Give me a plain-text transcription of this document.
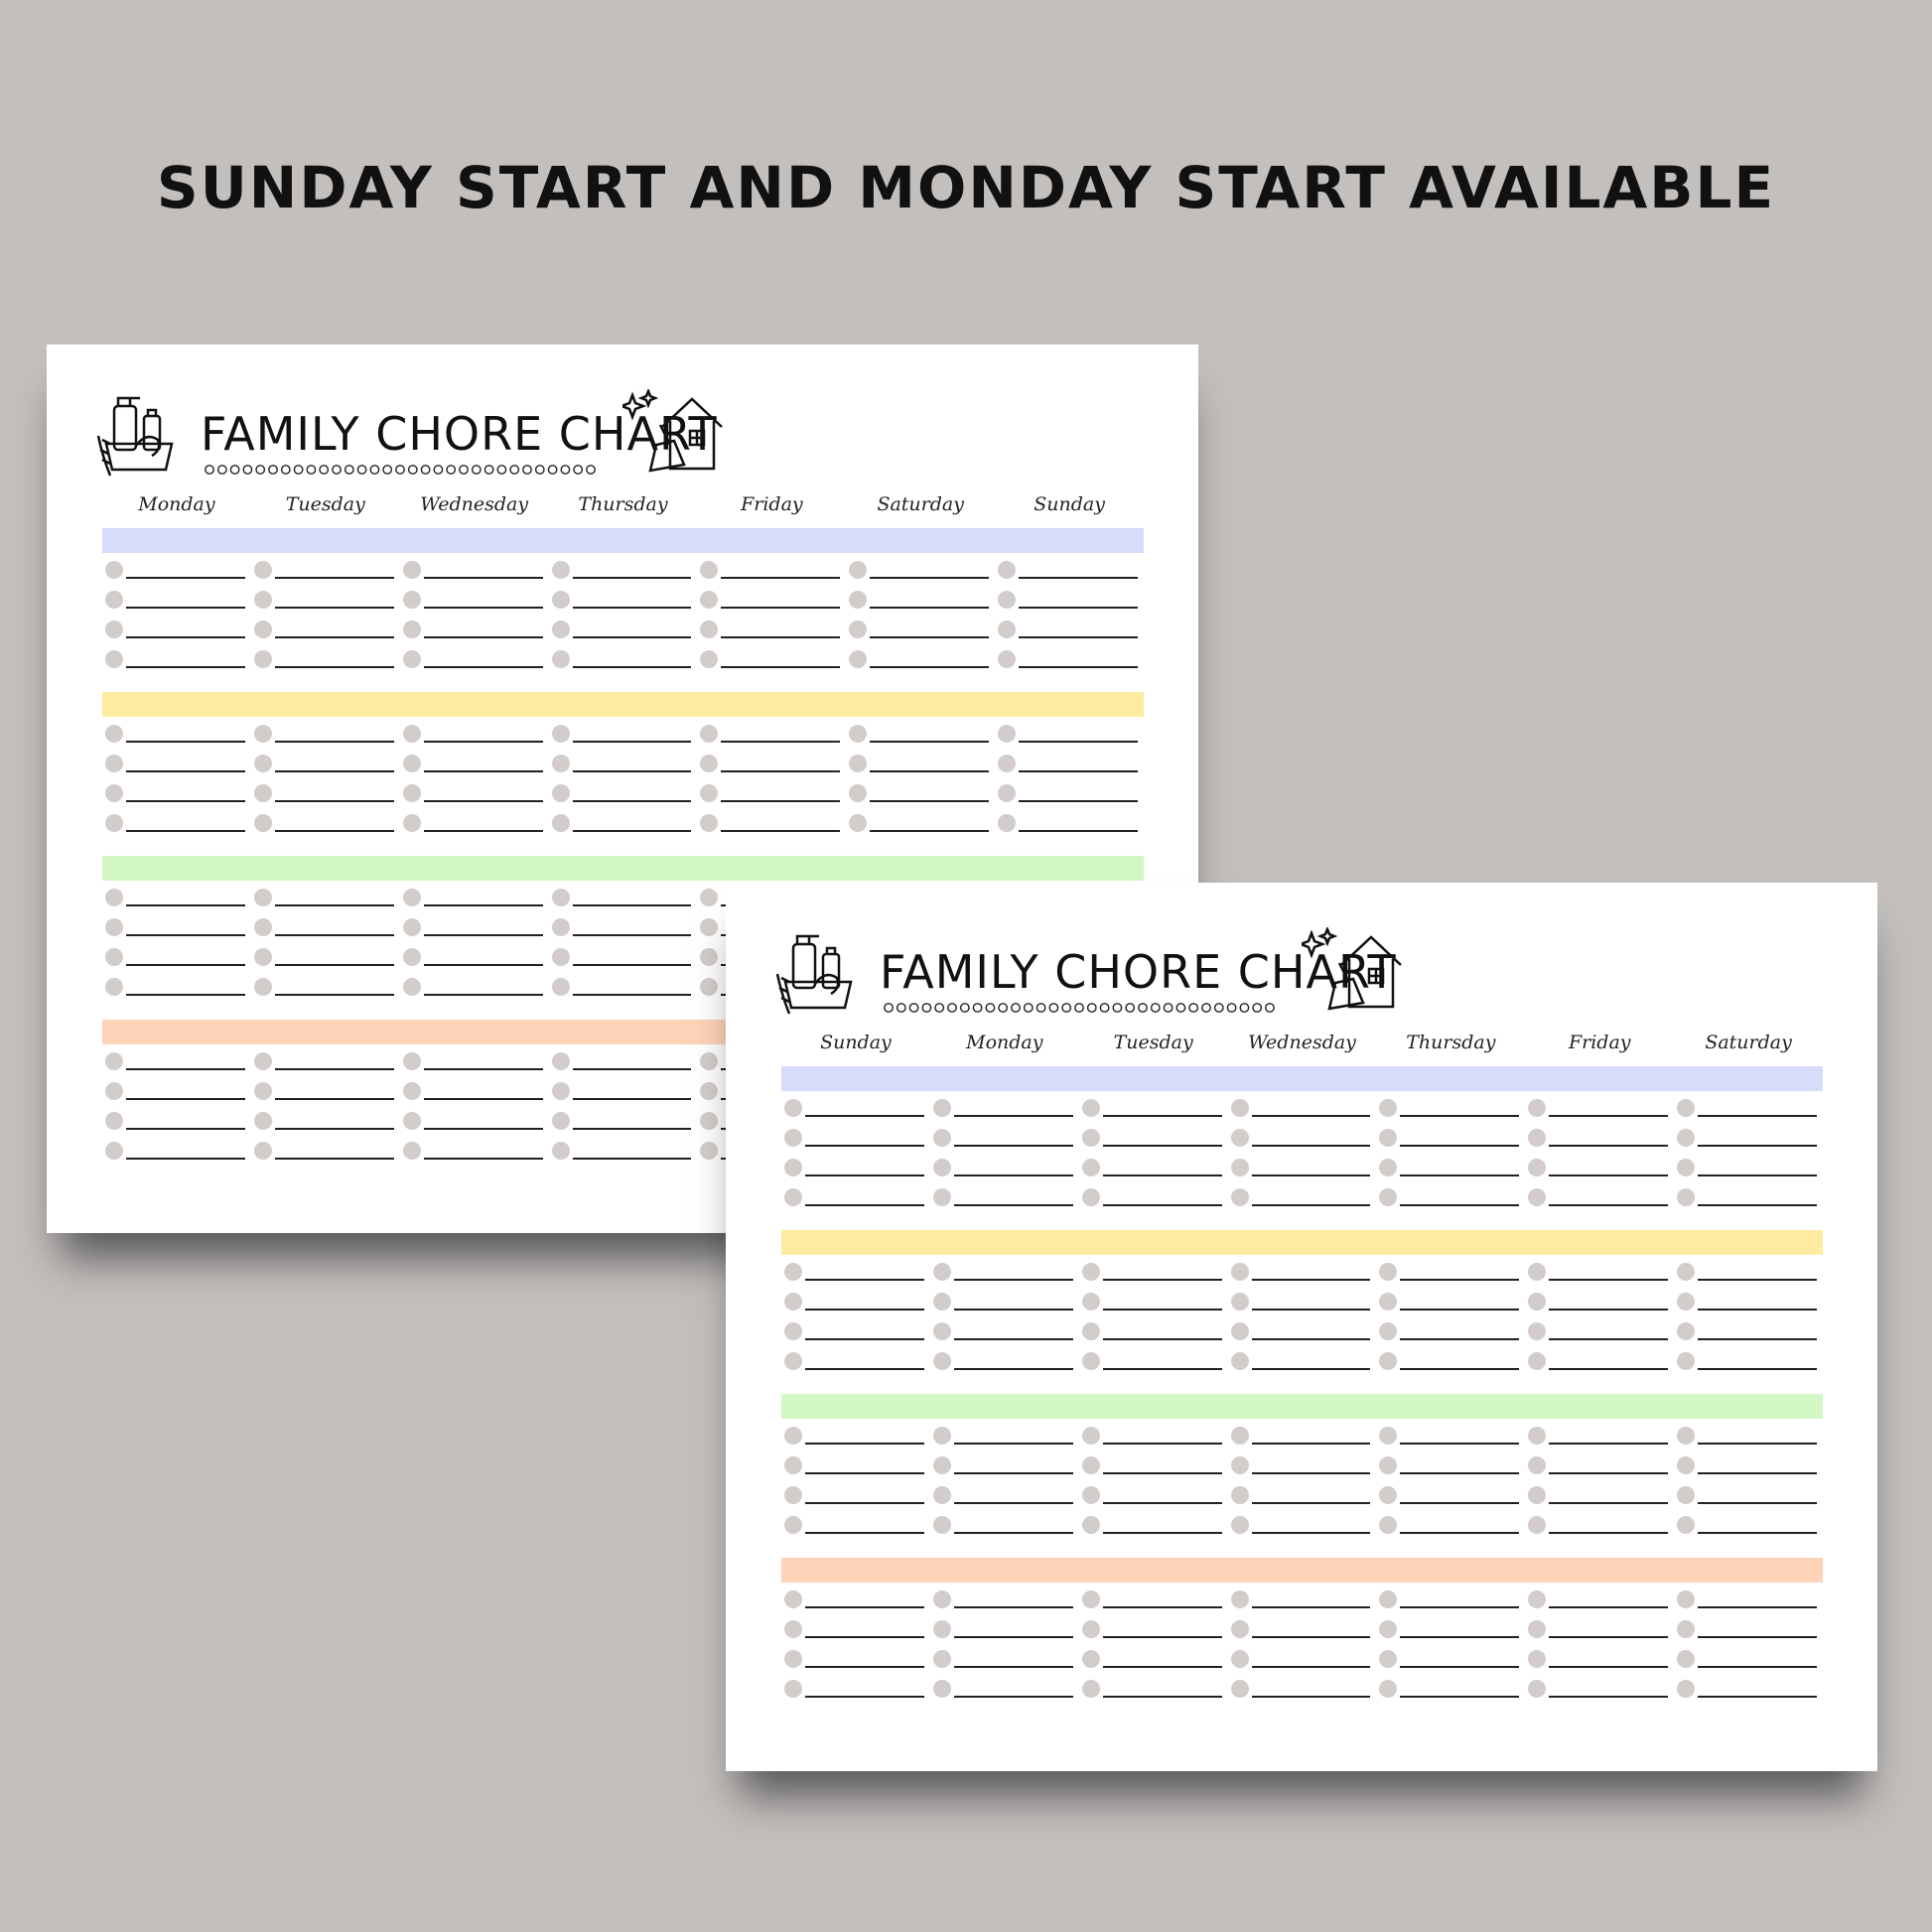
SUNDAY START AND MONDAY START AVAILABLE
FAMILY CHORE CHART
Monday	Tuesday	Wednesday	Thursday	Friday	Saturday	Sunday
FAMILY CHORE CHART
Sunday	Monday	Tuesday	Wednesday	Thursday	Friday	Saturday
